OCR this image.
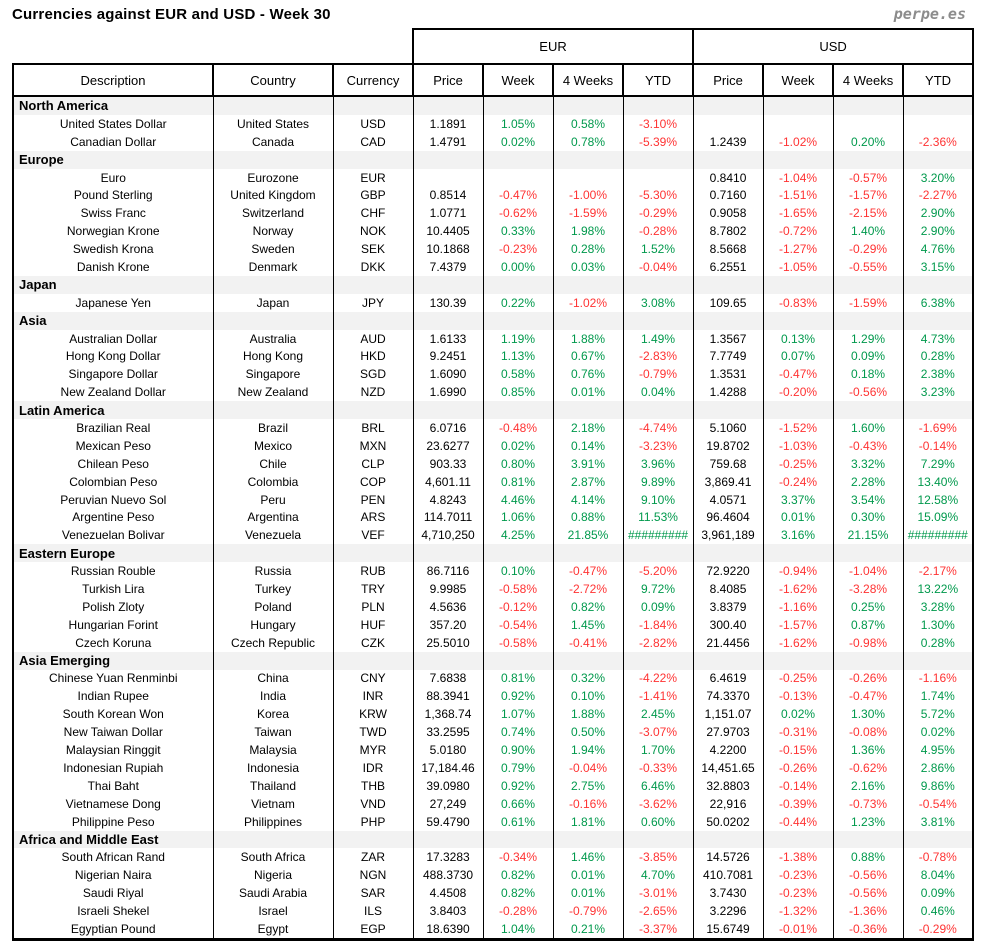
Currencies against EUR and USD - Week 30	perpe.es
			EUR				USD			
Description	Country	Currency	Price	Week	4 Weeks	YTD	Price	Week	4 Weeks	YTD
North America										
United States Dollar	United States	USD	1.1891	1.05%	0.58%	-3.10%				
Canadian Dollar	Canada	CAD	1.4791	0.02%	0.78%	-5.39%	1.2439	-1.02%	0.20%	-2.36%
Europe										
Euro	Eurozone	EUR					0.8410	-1.04%	-0.57%	3.20%
Pound Sterling	United Kingdom	GBP	0.8514	-0.47%	-1.00%	-5.30%	0.7160	-1.51%	-1.57%	-2.27%
Swiss Franc	Switzerland	CHF	1.0771	-0.62%	-1.59%	-0.29%	0.9058	-1.65%	-2.15%	2.90%
Norwegian Krone	Norway	NOK	10.4405	0.33%	1.98%	-0.28%	8.7802	-0.72%	1.40%	2.90%
Swedish Krona	Sweden	SEK	10.1868	-0.23%	0.28%	1.52%	8.5668	-1.27%	-0.29%	4.76%
Danish Krone	Denmark	DKK	7.4379	0.00%	0.03%	-0.04%	6.2551	-1.05%	-0.55%	3.15%
Japan										
Japanese Yen	Japan	JPY	130.39	0.22%	-1.02%	3.08%	109.65	-0.83%	-1.59%	6.38%
Asia										
Australian Dollar	Australia	AUD	1.6133	1.19%	1.88%	1.49%	1.3567	0.13%	1.29%	4.73%
Hong Kong Dollar	Hong Kong	HKD	9.2451	1.13%	0.67%	-2.83%	7.7749	0.07%	0.09%	0.28%
Singapore Dollar	Singapore	SGD	1.6090	0.58%	0.76%	-0.79%	1.3531	-0.47%	0.18%	2.38%
New Zealand Dollar	New Zealand	NZD	1.6990	0.85%	0.01%	0.04%	1.4288	-0.20%	-0.56%	3.23%
Latin America										
Brazilian Real	Brazil	BRL	6.0716	-0.48%	2.18%	-4.74%	5.1060	-1.52%	1.60%	-1.69%
Mexican Peso	Mexico	MXN	23.6277	0.02%	0.14%	-3.23%	19.8702	-1.03%	-0.43%	-0.14%
Chilean Peso	Chile	CLP	903.33	0.80%	3.91%	3.96%	759.68	-0.25%	3.32%	7.29%
Colombian Peso	Colombia	COP	4,601.11	0.81%	2.87%	9.89%	3,869.41	-0.24%	2.28%	13.40%
Peruvian Nuevo Sol	Peru	PEN	4.8243	4.46%	4.14%	9.10%	4.0571	3.37%	3.54%	12.58%
Argentine Peso	Argentina	ARS	114.7011	1.06%	0.88%	11.53%	96.4604	0.01%	0.30%	15.09%
Venezuelan Bolivar	Venezuela	VEF	4,710,250	4.25%	21.85%	#########	3,961,189	3.16%	21.15%	#########
Eastern Europe										
Russian Rouble	Russia	RUB	86.7116	0.10%	-0.47%	-5.20%	72.9220	-0.94%	-1.04%	-2.17%
Turkish Lira	Turkey	TRY	9.9985	-0.58%	-2.72%	9.72%	8.4085	-1.62%	-3.28%	13.22%
Polish Zloty	Poland	PLN	4.5636	-0.12%	0.82%	0.09%	3.8379	-1.16%	0.25%	3.28%
Hungarian Forint	Hungary	HUF	357.20	-0.54%	1.45%	-1.84%	300.40	-1.57%	0.87%	1.30%
Czech Koruna	Czech Republic	CZK	25.5010	-0.58%	-0.41%	-2.82%	21.4456	-1.62%	-0.98%	0.28%
Asia Emerging										
Chinese Yuan Renminbi	China	CNY	7.6838	0.81%	0.32%	-4.22%	6.4619	-0.25%	-0.26%	-1.16%
Indian Rupee	India	INR	88.3941	0.92%	0.10%	-1.41%	74.3370	-0.13%	-0.47%	1.74%
South Korean Won	Korea	KRW	1,368.74	1.07%	1.88%	2.45%	1,151.07	0.02%	1.30%	5.72%
New Taiwan Dollar	Taiwan	TWD	33.2595	0.74%	0.50%	-3.07%	27.9703	-0.31%	-0.08%	0.02%
Malaysian Ringgit	Malaysia	MYR	5.0180	0.90%	1.94%	1.70%	4.2200	-0.15%	1.36%	4.95%
Indonesian Rupiah	Indonesia	IDR	17,184.46	0.79%	-0.04%	-0.33%	14,451.65	-0.26%	-0.62%	2.86%
Thai Baht	Thailand	THB	39.0980	0.92%	2.75%	6.46%	32.8803	-0.14%	2.16%	9.86%
Vietnamese Dong	Vietnam	VND	27,249	0.66%	-0.16%	-3.62%	22,916	-0.39%	-0.73%	-0.54%
Philippine Peso	Philippines	PHP	59.4790	0.61%	1.81%	0.60%	50.0202	-0.44%	1.23%	3.81%
Africa and Middle East										
South African Rand	South Africa	ZAR	17.3283	-0.34%	1.46%	-3.85%	14.5726	-1.38%	0.88%	-0.78%
Nigerian Naira	Nigeria	NGN	488.3730	0.82%	0.01%	4.70%	410.7081	-0.23%	-0.56%	8.04%
Saudi Riyal	Saudi Arabia	SAR	4.4508	0.82%	0.01%	-3.01%	3.7430	-0.23%	-0.56%	0.09%
Israeli Shekel	Israel	ILS	3.8403	-0.28%	-0.79%	-2.65%	3.2296	-1.32%	-1.36%	0.46%
Egyptian Pound	Egypt	EGP	18.6390	1.04%	0.21%	-3.37%	15.6749	-0.01%	-0.36%	-0.29%
